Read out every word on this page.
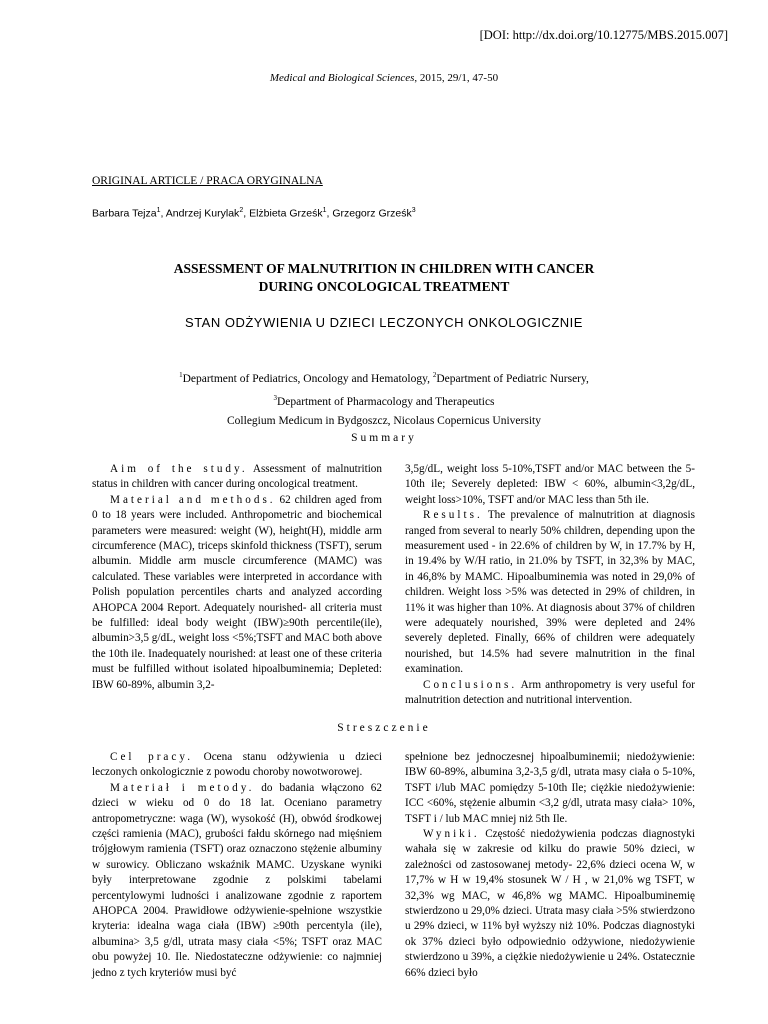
[DOI: http://dx.doi.org/10.12775/MBS.2015.007]
Medical and Biological Sciences, 2015, 29/1, 47-50
ORIGINAL ARTICLE / PRACA ORYGINALNA
Barbara Tejza$^1$, Andrzej Kurylak$^2$, Elżbieta Grześk$^1$, Grzegorz Grześk$^3$
ASSESSMENT OF MALNUTRITION IN CHILDREN WITH CANCER
DURING ONCOLOGICAL TREATMENT
STAN ODŻYWIENIA U DZIECI LECZONYCH ONKOLOGICZNIE
$^1$Department of Pediatrics, Oncology and Hematology, $^2$Department of Pediatric Nursery,
$^3$Department of Pharmacology and Therapeutics
Collegium Medicum in Bydgoszcz, Nicolaus Copernicus University
Summary

Aim of the study. Assessment of malnutrition status in children with cancer during oncological treatment.

Material and methods. 62 children aged from 0 to 18 years were included. Anthropometric and biochemical parameters were measured: weight (W), height(H), middle arm circumference (MAC), triceps skinfold thickness (TSFT), serum albumin. Middle arm muscle circumference (MAMC) was calculated. These variables were interpreted in accordance with Polish population percentiles charts and analyzed according AHOPCA 2004 Report. Adequately nourished- all criteria must be fulfilled: ideal body weight (IBW)≥90th percentile(ile), albumin>3,5 g/dL, weight loss <5%;TSFT and MAC both above the 10th ile. Inadequately nourished: at least one of these criteria must be fulfilled without isolated hipoalbuminemia; Depleted: IBW 60-89%, albumin 3,2-

3,5g/dL, weight loss 5-10%,TSFT and/or MAC between the 5-10th ile; Severely depleted: IBW < 60%, albumin<3,2g/dL, weight loss>10%, TSFT and/or MAC less than 5th ile.

Results. The prevalence of malnutrition at diagnosis ranged from several to nearly 50% children, depending upon the measurement used - in 22.6% of children by W, in 17.7% by H, in 19.4% by W/H ratio, in 21.0% by TSFT, in 32,3% by MAC, in 46,8% by MAMC. Hipoalbuminemia was noted in 29,0% of children. Weight loss >5% was detected in 29% of children, in 11% it was higher than 10%. At diagnosis about 37% of children were adequately nourished, 39% were depleted and 24% severely depleted. Finally, 66% of children were adequately nourished, but 14.5% had severe malnutrition in the final examination.

Conclusions. Arm anthropometry is very useful for malnutrition detection and nutritional intervention.

Streszczenie

Cel pracy. Ocena stanu odżywienia u dzieci leczonych onkologicznie z powodu choroby nowotworowej.

Materiał i metody. do badania włączono 62 dzieci w wieku od 0 do 18 lat. Oceniano parametry antropometryczne: waga (W), wysokość (H), obwód środkowej części ramienia (MAC), grubości fałdu skórnego nad mięśniem trójgłowym ramienia (TSFT) oraz oznaczono stężenie albuminy w surowicy. Obliczano wskaźnik MAMC. Uzyskane wyniki były interpretowane zgodnie z polskimi tabelami percentylowymi ludności i analizowane zgodnie z raportem AHOPCA 2004. Prawidłowe odżywienie-spełnione wszystkie kryteria: idealna waga ciała (IBW) ≥90th percentyla (ile), albumina> 3,5 g/dl, utrata masy ciała <5%; TSFT oraz MAC obu powyżej 10. Ile. Niedostateczne odżywienie: co najmniej jedno z tych kryteriów musi być

spełnione bez jednoczesnej hipoalbuminemii; niedożywienie: IBW 60-89%, albumina 3,2-3,5 g/dl, utrata masy ciała o 5-10%, TSFT i/lub MAC pomiędzy 5-10th Ile; ciężkie niedożywienie: ICC <60%, stężenie albumin <3,2 g/dl, utrata masy ciała> 10%, TSFT i / lub MAC mniej niż 5th Ile.

Wyniki. Częstość niedożywienia podczas diagnostyki wahała się w zakresie od kilku do prawie 50% dzieci, w zależności od zastosowanej metody- 22,6% dzieci ocena W, w 17,7% w H w 19,4% stosunek W / H , w 21,0% wg TSFT, w 32,3% wg MAC, w 46,8% wg MAMC. Hipoalbuminemię stwierdzono u 29,0% dzieci. Utrata masy ciała >5% stwierdzono u 29% dzieci, w 11% był wyższy niż 10%. Podczas diagnostyki ok 37% dzieci było odpowiednio odżywione, niedożywienie stwierdzono u 39%, a ciężkie niedożywienie u 24%. Ostatecznie 66% dzieci było
